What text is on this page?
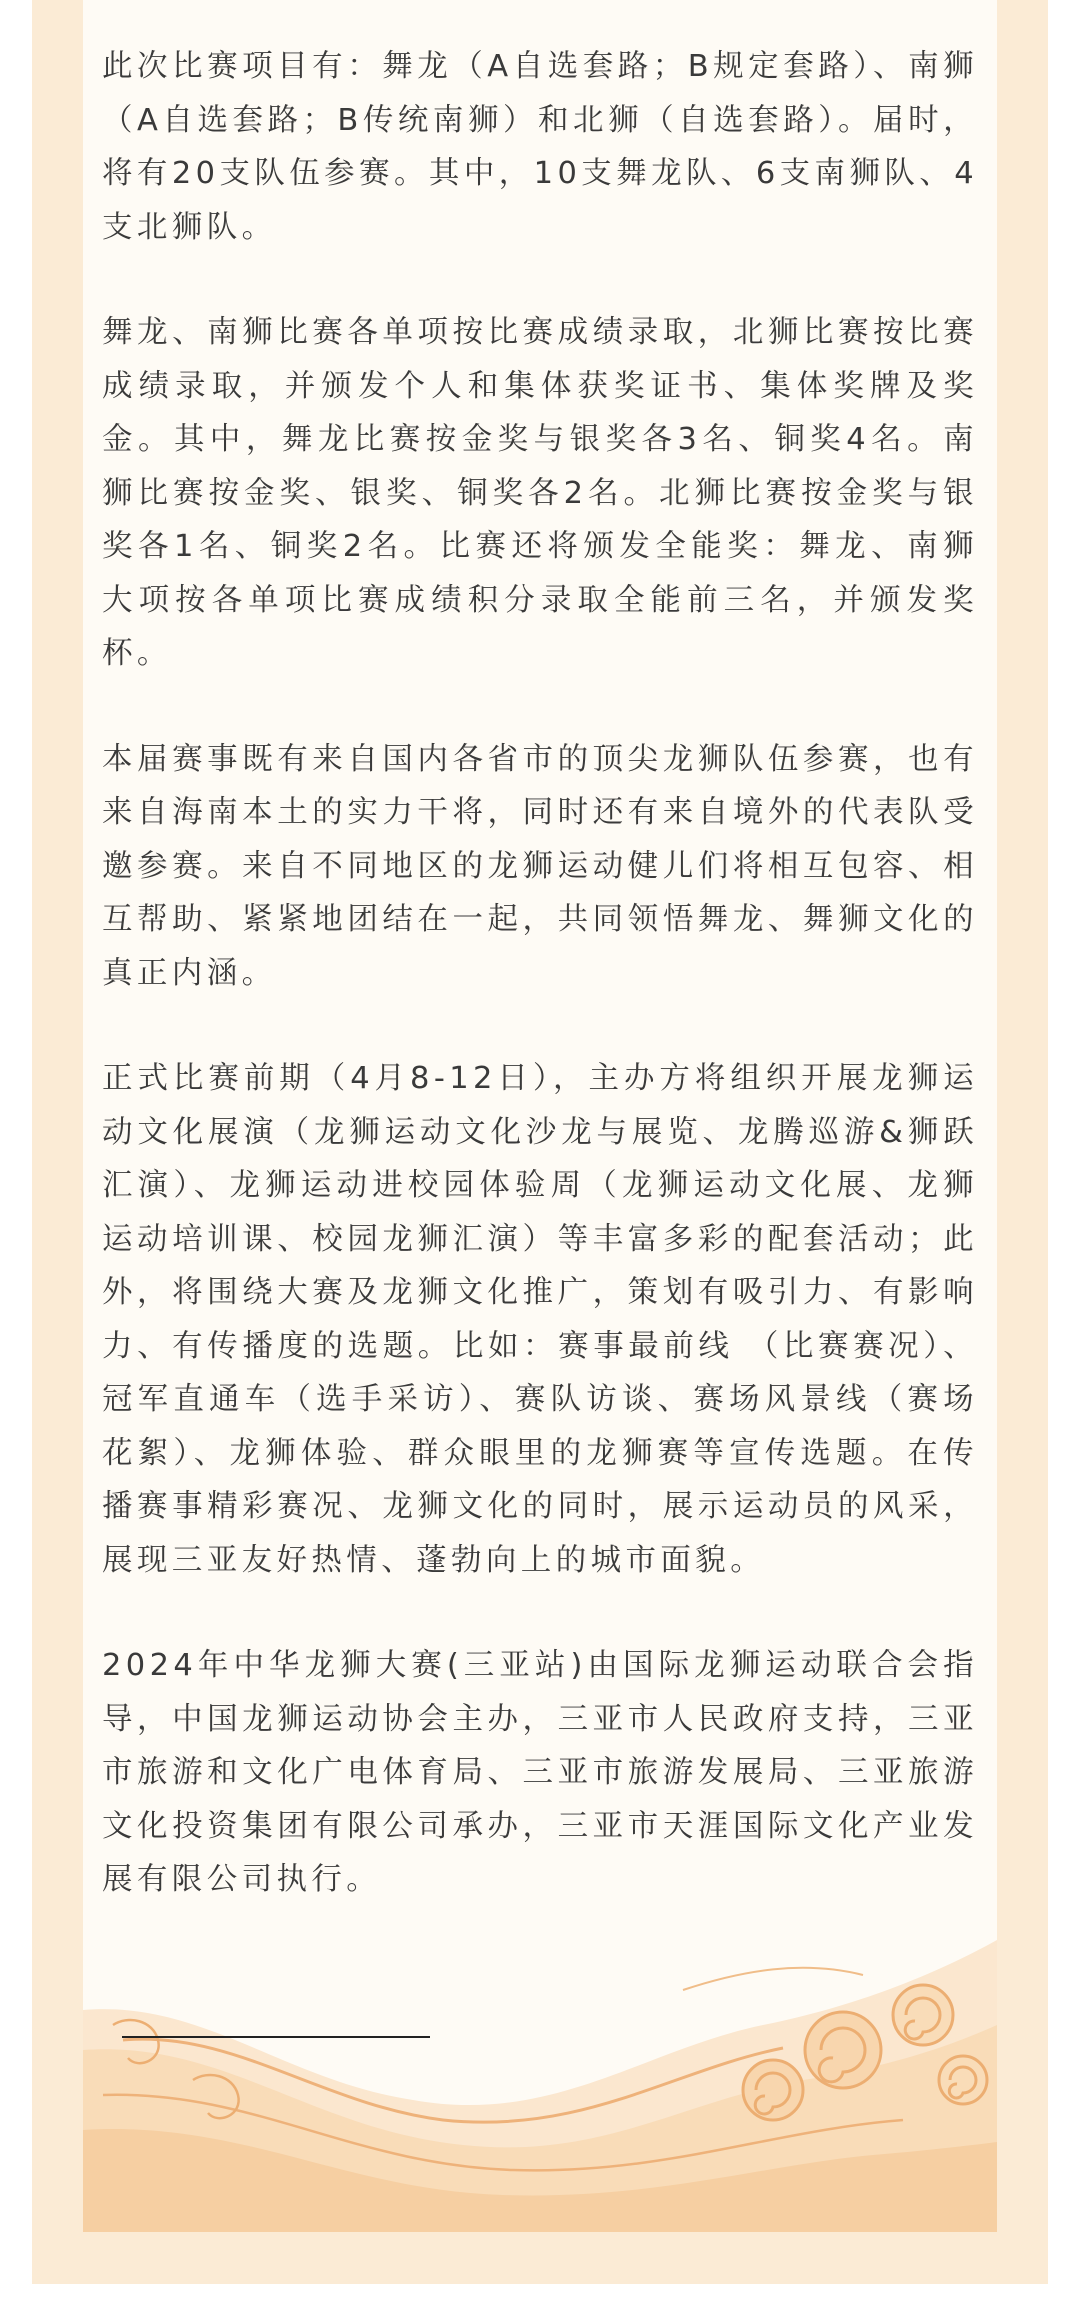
此次比赛项目有：舞龙（A自选套路；B规定套路）、南狮（A自选套路；B传统南狮）和北狮（自选套路）。届时，将有20支队伍参赛。其中，10支舞龙队、6支南狮队、4支北狮队。

舞龙、南狮比赛各单项按比赛成绩录取，北狮比赛按比赛成绩录取，并颁发个人和集体获奖证书、集体奖牌及奖金。其中，舞龙比赛按金奖与银奖各3名、铜奖4名。南狮比赛按金奖、银奖、铜奖各2名。北狮比赛按金奖与银奖各1名、铜奖2名。比赛还将颁发全能奖：舞龙、南狮大项按各单项比赛成绩积分录取全能前三名，并颁发奖杯。

本届赛事既有来自国内各省市的顶尖龙狮队伍参赛，也有来自海南本土的实力干将，同时还有来自境外的代表队受邀参赛。来自不同地区的龙狮运动健儿们将相互包容、相互帮助、紧紧地团结在一起，共同领悟舞龙、舞狮文化的真正内涵。

正式比赛前期（4月8-12日），主办方将组织开展龙狮运动文化展演（龙狮运动文化沙龙与展览、龙腾巡游&狮跃汇演）、龙狮运动进校园体验周（龙狮运动文化展、龙狮运动培训课、校园龙狮汇演）等丰富多彩的配套活动；此外，将围绕大赛及龙狮文化推广，策划有吸引力、有影响力、有传播度的选题。比如：赛事最前线 （比赛赛况）、冠军直通车（选手采访）、赛队访谈、赛场风景线（赛场花絮）、龙狮体验、群众眼里的龙狮赛等宣传选题。在传播赛事精彩赛况、龙狮文化的同时，展示运动员的风采，展现三亚友好热情、蓬勃向上的城市面貌。

2024年中华龙狮大赛(三亚站)由国际龙狮运动联合会指导，中国龙狮运动协会主办，三亚市人民政府支持，三亚市旅游和文化广电体育局、三亚市旅游发展局、三亚旅游文化投资集团有限公司承办，三亚市天涯国际文化产业发展有限公司执行。
